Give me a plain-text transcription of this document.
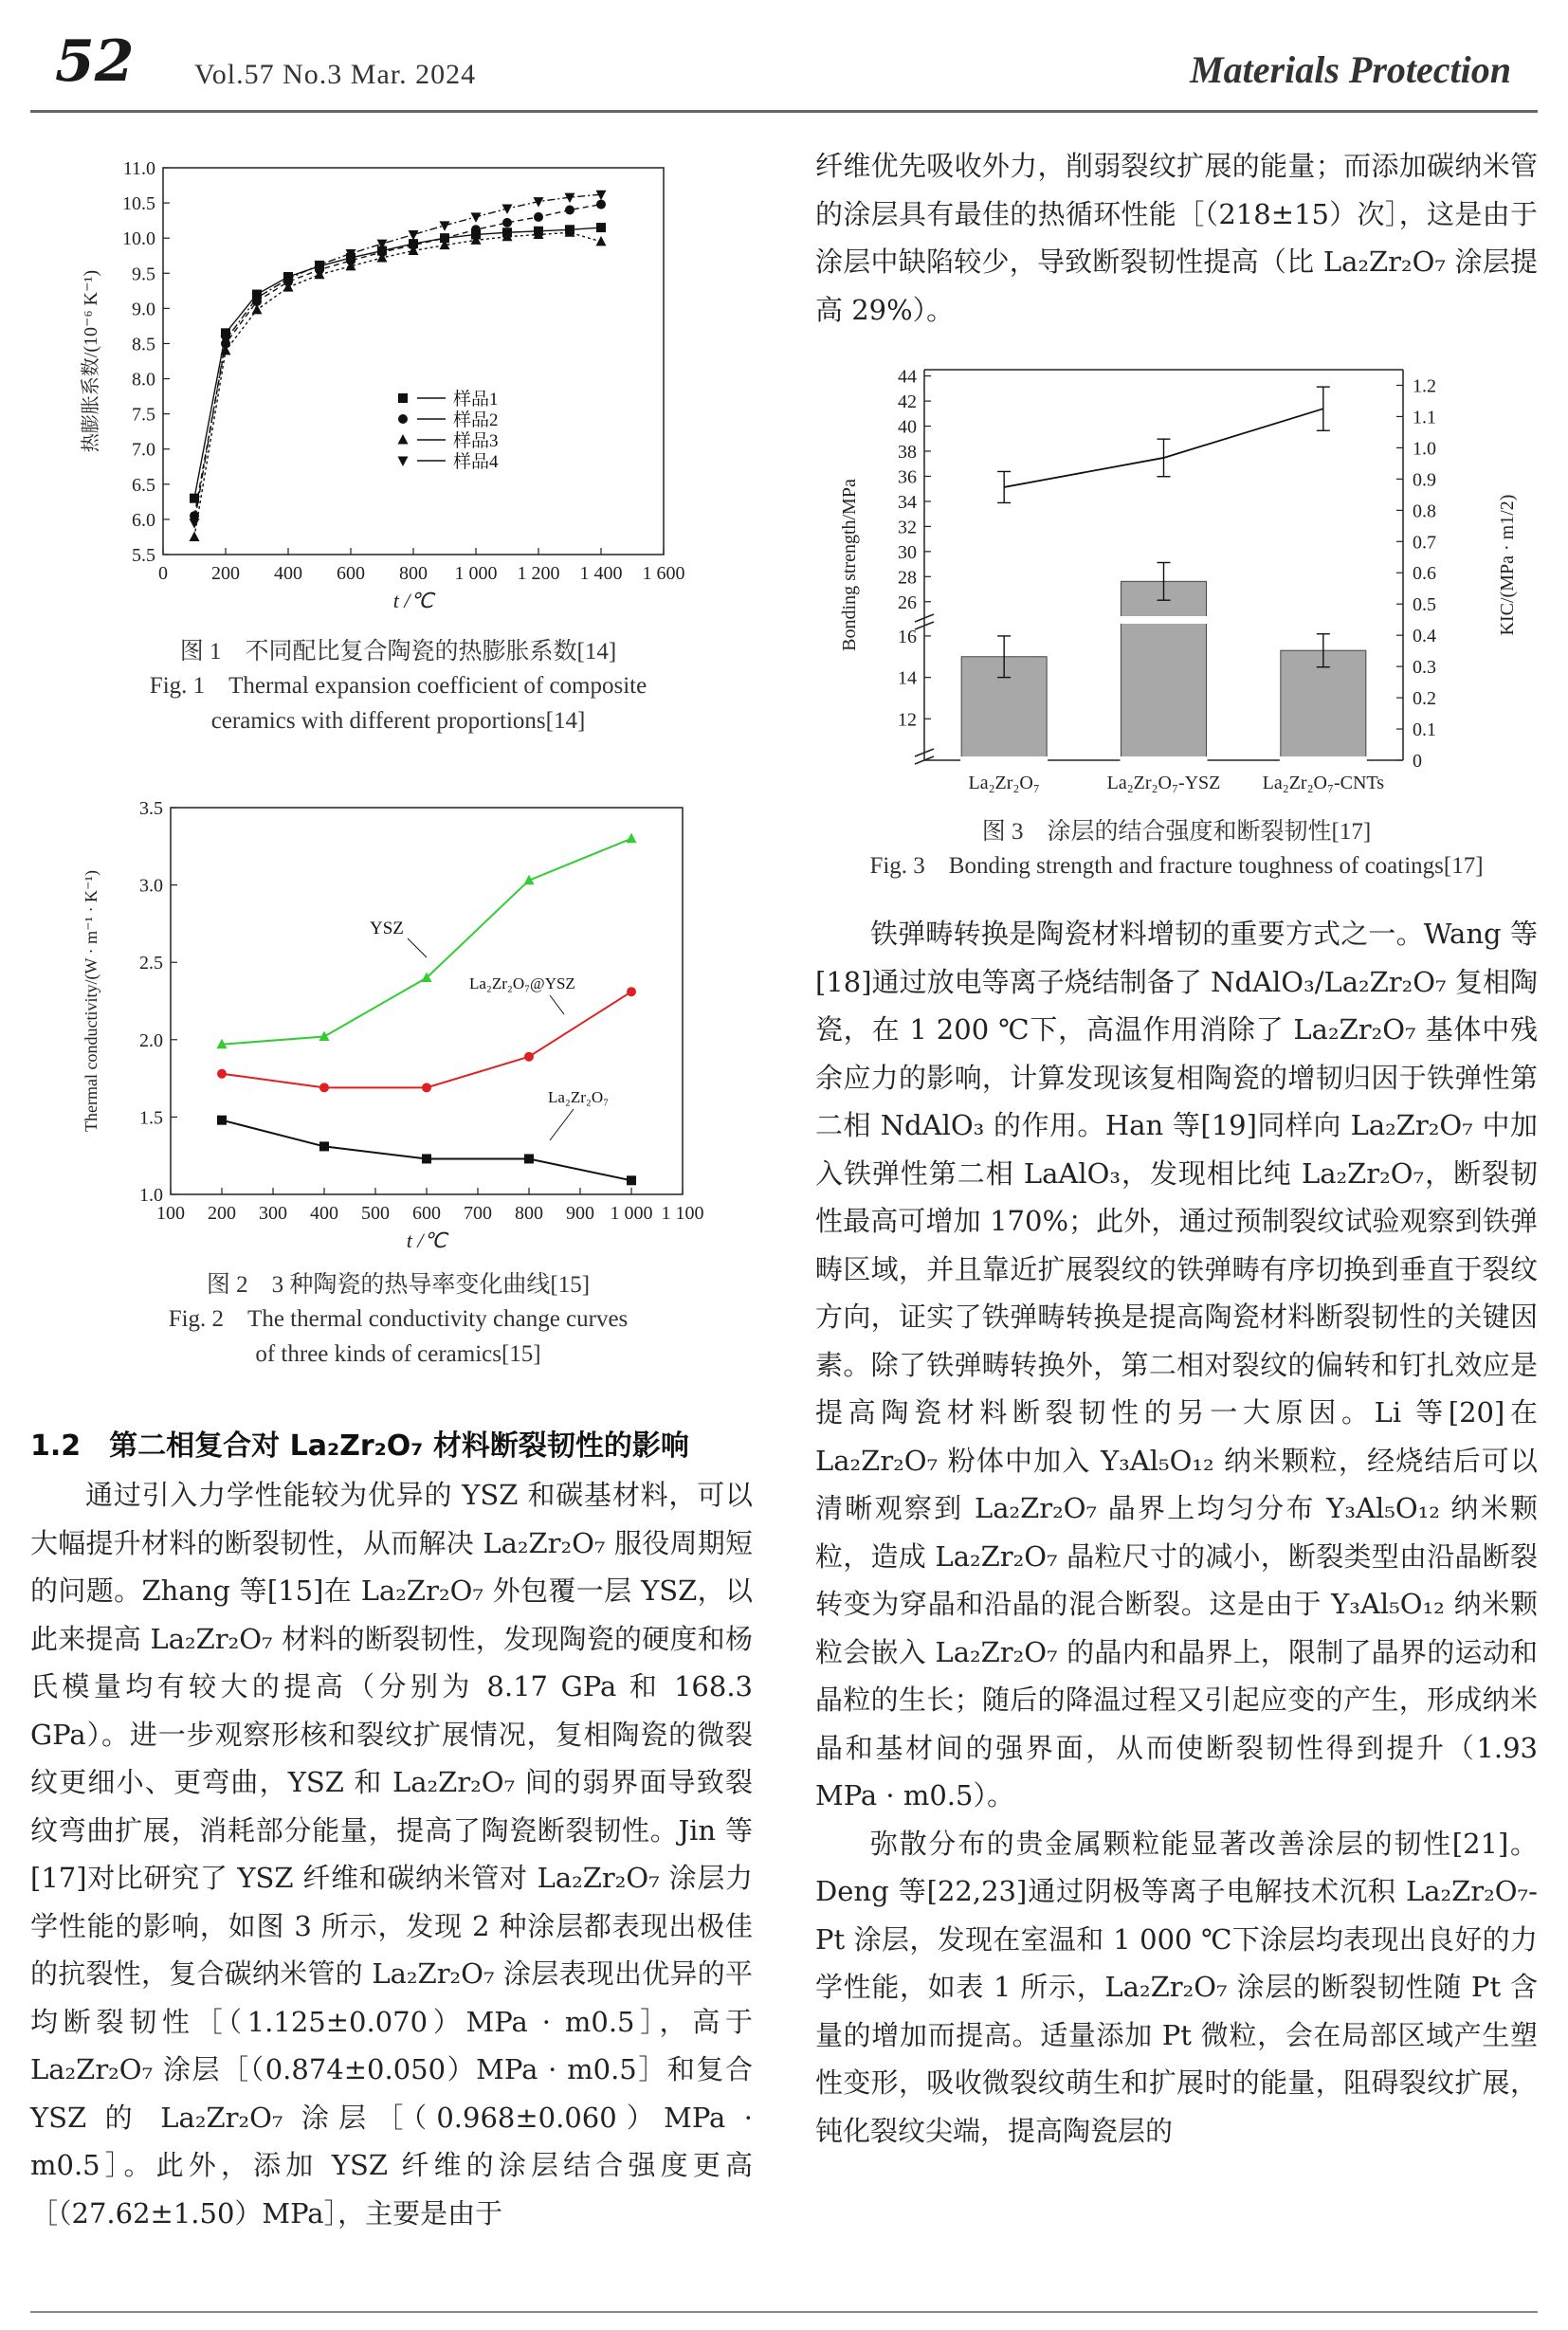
52 Vol.57 No.3 Mar. 2024	Materials Protection
5.5
6.0
6.5
7.0
7.5
8.0
8.5
9.0
9.5
10.0
10.5
11.0
0 200 400 600 800 1 000 1 200 1 400 1 600
t /℃
热膨胀系数/(10⁻⁶ K⁻¹)	样品1
样品2
样品3
样品4
图 1　不同配比复合陶瓷的热膨胀系数[14]
Fig. 1　Thermal expansion coefficient of composite
ceramics with different proportions[14]
1.0
1.5
2.0
2.5
3.0
3.5
100 200 300 400 500 600 700 800 900 1 000 1 100
t /℃
Thermal conductivity/(W · m⁻¹ · K⁻¹)	YSZ
La₂Zr₂O₇@YSZ
La₂Zr₂O₇
图 2　3 种陶瓷的热导率变化曲线[15]
Fig. 2　The thermal conductivity change curves
of three kinds of ceramics[15]
1.2　第二相复合对 La₂Zr₂O₇ 材料断裂韧性的影响

通过引入力学性能较为优异的 YSZ 和碳基材料，可以大幅提升材料的断裂韧性，从而解决 La₂Zr₂O₇ 服役周期短的问题。Zhang 等[15]在 La₂Zr₂O₇ 外包覆一层 YSZ，以此来提高 La₂Zr₂O₇ 材料的断裂韧性，发现陶瓷的硬度和杨氏模量均有较大的提高（分别为 8.17 GPa 和 168.3 GPa）。进一步观察形核和裂纹扩展情况，复相陶瓷的微裂纹更细小、更弯曲，YSZ 和 La₂Zr₂O₇ 间的弱界面导致裂纹弯曲扩展，消耗部分能量，提高了陶瓷断裂韧性。Jin 等[17]对比研究了 YSZ 纤维和碳纳米管对 La₂Zr₂O₇ 涂层力学性能的影响，如图 3 所示，发现 2 种涂层都表现出极佳的抗裂性，复合碳纳米管的 La₂Zr₂O₇ 涂层表现出优异的平均断裂韧性［（1.125±0.070）MPa · m0.5］，高于 La₂Zr₂O₇ 涂层［（0.874±0.050）MPa · m0.5］和复合 YSZ 的 La₂Zr₂O₇ 涂层［（0.968±0.060）MPa · m0.5］。此外，添加 YSZ 纤维的涂层结合强度更高［（27.62±1.50）MPa］，主要是由于

纤维优先吸收外力，削弱裂纹扩展的能量；而添加碳纳米管的涂层具有最佳的热循环性能［（218±15）次］，这是由于涂层中缺陷较少，导致断裂韧性提高（比 La₂Zr₂O₇ 涂层提高 29%）。

12
14
16
26
28
30
32
34
36
38
40
42
44
0
0.1
0.2
0.3
0.4
0.5
0.6
0.7
0.8
0.9
1.0
1.1
1.2
Bonding strength/MPa	KIC/(MPa · m1/2)
La₂Zr₂O₇	La₂Zr₂O₇-YSZ La₂Zr₂O₇-CNTs
图 3　涂层的结合强度和断裂韧性[17]
Fig. 3　Bonding strength and fracture toughness of coatings[17]

铁弹畴转换是陶瓷材料增韧的重要方式之一。Wang 等[18]通过放电等离子烧结制备了 NdAlO₃/La₂Zr₂O₇ 复相陶瓷，在 1 200 ℃下，高温作用消除了 La₂Zr₂O₇ 基体中残余应力的影响，计算发现该复相陶瓷的增韧归因于铁弹性第二相 NdAlO₃ 的作用。Han 等[19]同样向 La₂Zr₂O₇ 中加入铁弹性第二相 LaAlO₃，发现相比纯 La₂Zr₂O₇，断裂韧性最高可增加 170%；此外，通过预制裂纹试验观察到铁弹畴区域，并且靠近扩展裂纹的铁弹畴有序切换到垂直于裂纹方向，证实了铁弹畴转换是提高陶瓷材料断裂韧性的关键因素。除了铁弹畴转换外，第二相对裂纹的偏转和钉扎效应是提高陶瓷材料断裂韧性的另一大原因。Li 等[20]在 La₂Zr₂O₇ 粉体中加入 Y₃Al₅O₁₂ 纳米颗粒，经烧结后可以清晰观察到 La₂Zr₂O₇ 晶界上均匀分布 Y₃Al₅O₁₂ 纳米颗粒，造成 La₂Zr₂O₇ 晶粒尺寸的减小，断裂类型由沿晶断裂转变为穿晶和沿晶的混合断裂。这是由于 Y₃Al₅O₁₂ 纳米颗粒会嵌入 La₂Zr₂O₇ 的晶内和晶界上，限制了晶界的运动和晶粒的生长；随后的降温过程又引起应变的产生，形成纳米晶和基材间的强界面，从而使断裂韧性得到提升（1.93 MPa · m0.5）。

弥散分布的贵金属颗粒能显著改善涂层的韧性[21]。Deng 等[22,23]通过阴极等离子电解技术沉积 La₂Zr₂O₇-Pt 涂层，发现在室温和 1 000 ℃下涂层均表现出良好的力学性能，如表 1 所示，La₂Zr₂O₇ 涂层的断裂韧性随 Pt 含量的增加而提高。适量添加 Pt 微粒，会在局部区域产生塑性变形，吸收微裂纹萌生和扩展时的能量，阻碍裂纹扩展，钝化裂纹尖端，提高陶瓷层的
